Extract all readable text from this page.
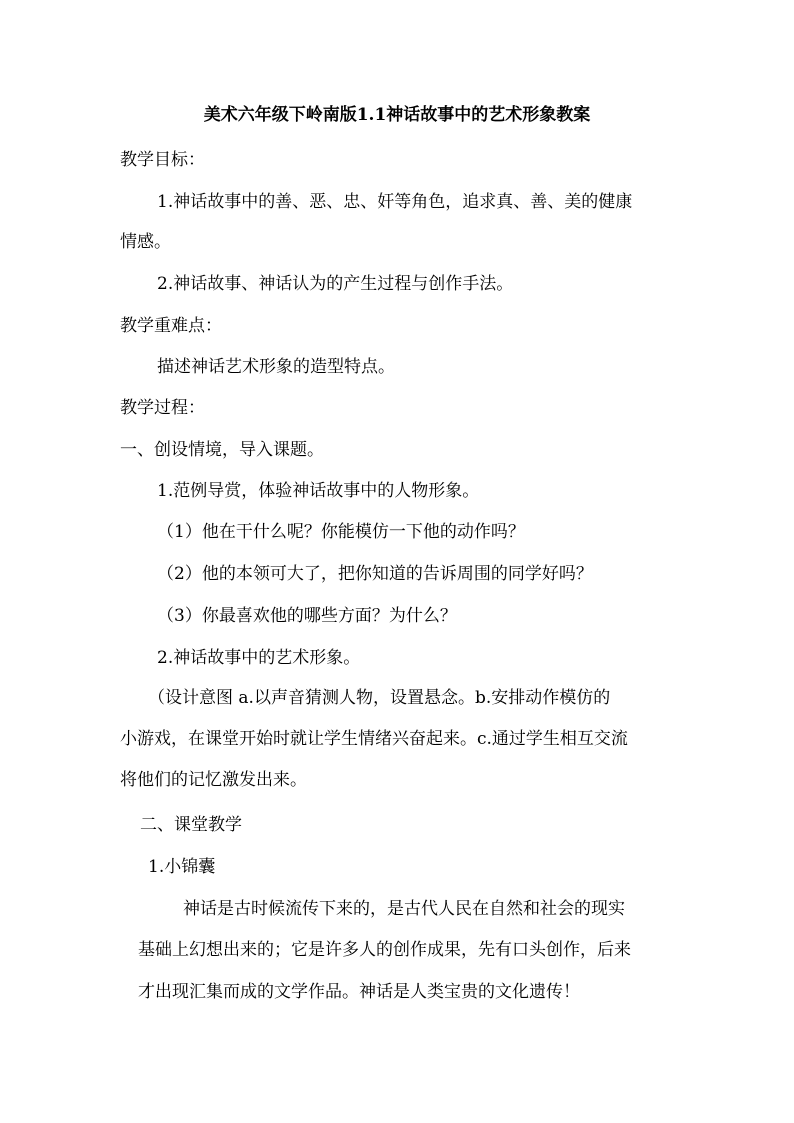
美术六年级下岭南版1.1神话故事中的艺术形象教案
教学目标：
1.神话故事中的善、恶、忠、奸等角色，追求真、善、美的健康
情感。
2.神话故事、神话认为的产生过程与创作手法。
教学重难点：
描述神话艺术形象的造型特点。
教学过程：
一、创设情境，导入课题。
1.范例导赏，体验神话故事中的人物形象。
（1）他在干什么呢？你能模仿一下他的动作吗？
（2）他的本领可大了，把你知道的告诉周围的同学好吗？
（3）你最喜欢他的哪些方面？为什么？
2.神话故事中的艺术形象。
（设计意图 a.以声音猜测人物，设置悬念。b.安排动作模仿的
小游戏，在课堂开始时就让学生情绪兴奋起来。c.通过学生相互交流
将他们的记忆激发出来。
二、课堂教学
1.小锦囊
神话是古时候流传下来的，是古代人民在自然和社会的现实
基础上幻想出来的；它是许多人的创作成果，先有口头创作，后来
才出现汇集而成的文学作品。神话是人类宝贵的文化遗传！
